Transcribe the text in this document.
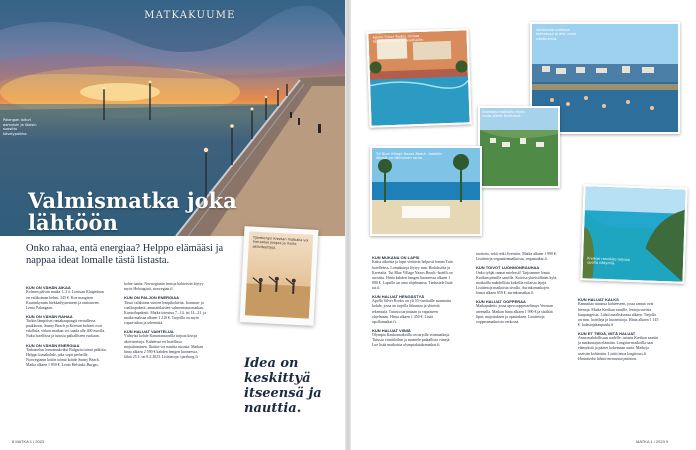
MATKAKUUME
Palangan laituri aamuisin ja iltaisin suosittu kävelypaikka.
Valmismatka joka lähtöön
Onko rahaa, entä energiaa? Helppo elämääsi ja nappaa ideat lomalle tästä listasta.
KUN ON VÄHÄN AIKAA

Kolmen päivän matka 1–3 ö. Liettuan Klaipedaan on valikoiman helmi, 345 €. Koe maagisen Kuurinkynnäs hiekkadyyneineen ja rantoineen. Lento Palangaan.

KUN ON VÄHÄN RAHAA

Turkin lämpöiset rantakaupungit vertaillessa paukkuvat. Sunny Beach ja Kreetan kohteet ovat edullisia, viikon matkan voi saada alle 400 eurolla. Nuku hotellissa ja tutustu paikalliseen ruokaan.

KUN ON VÄHÄN ENERGIAA

Tarkastelun lomamatkoiksi Bulgaria toimii palkittu. Helppo lomakohde, joka sopii perheille. Norwegianin kotiin toimii kohde Sunny Beach. Matka alkaen 1 850 €. Lento Helsinki–Burgas.

kohte tuntia. Norwegianin lentoja kohteisiin löytyy myös Helsingistä, norwegian.fi.

KUN ON PALJON ENERGIAA

Tässä valikoima vuoren lempikohteita. Ironman- ja vaelluspaketit, ammattilaisten valmentama matkan, Kuntoilupaketti. Matka toteutuu 7.–14. tai 14.–21. ja matka maksaa alkaen 1 210 €. Tarjoilla on myös vapaa-aikaa ja tekemistä.

KUN HALUAT VAIHTELUA

Viihtyisä kohde Kanariansaarilla tarjoaa kivoja aktiviteetteja. Kahdessa eri hotellissa majoittuminen. Iltaisin voi nauttia ruoasta. Matkan hinta alkaen 2 590 € kahden hengen huoneessa, lähtö 25.1. tai 8.2.2023. Lisätietoja: tjareborg.fi

Tjäreborgin Kreetan matkalla voi harrastaa joogaa ja muita aktiviteetteja.
Idea on keskittyä itseensä ja nauttia.
8 MATKA 1 / 2023
Valokuvaa uudessa kohteessa ja etsi uusia näkökulmia.
Apollo Silver Rodos -lomaa täysihoidolla yli 55-vuotiaille.
Stairway-matkoilla myös ranta-lomat Kreikassa.
Tui Blue Village Naxos Beach -hotellin lähellä on Välimeren ranta.
Kreikan rannikko tarjoaa upeita näkymiä.
KUN MUKANA ON LAPSI

Kaksi aikuista ja lapsi viettävät helposti loman Tuin hotelleissa. Lomakoteja löytyy mm. Rodokselta ja Kreetalta. Tui Blue Village Naxos Beach -hotelli on suosittu. Hinta kahden hengen huoneessa alkaen 1 080 €. Lapsille on oma ohjelmansa. Tiedustele lisää tui.fi.

KUN HALUAT HENGÄSTYÄ

Apollo Silver Rodos on yli 55-vuotiaille suunnattu kohde, jossa on tarjolla liikuntaa ja yhteistä tekemistä. Tutustu tarjontaan ja vapaaseen ohjelmaan. Hinta alkaen 1 450 €. Lisää apollomatkat.fi.

KUN HALUAT VIINIÄ

Olympia Kaukomatkoilla on tarjolla viinimatkoja. Tutustu viinitiloihin ja maistele paikallisia viinejä. Lue lisää matkoista olympiakaukomatkat.fi.

tuotteita, sekä retki Sveitsiin. Matka alkaen 1 990 €. Lisätietoja vegaaniinmatkoista, vegamatkat.fi.

KUN TOIVOT LUONNONRAUHAA

Onko tyhjät rannat mielessä? Tarjoamme lomia Kreikan pienille saarille. Kotoisa yhteisöllinen kylä, matkoilla mahdollista kokeilla erilaisia lajeja. Lisätietoja matkoista sivulla. Aurinkomatkojen lomat alkaen 659 €. aurinkomatkat.fi

KUN HALUAT OOPPERAA

Matkapaketti, jossa upea oopperaelämys Veronan areenalla. Matkan hinta alkaen 1 990 € ja sisältää liput, majoituksen ja opastuksen. Lisätietoja oopperamatkoista verkossa.

KUN HALUAT KALKS

Kannattaa tutustua kohteeseen, jossa rannat ovat hienoja. Matka Kreikan saarille, lentoja useista kaupungeista. Lähtö maaliskuusta alkaen. Tarjolla on mm. hotelleja ja huoneistoja. Hinta alkaen 1 145 €. kalastajakaupunki.fi

KUN ET TIEDÄ, MITÄ HALUAT

Anna mahdollisuus uudelle: tutustu Kreikan saariin ja matkustajan elämään. Longitur-matkoilla saat elämyksiä ja pääset kokemaan uutta. Matkoja useisiin kohteisiin. Lisää tietoa longitours.fi

Hintatiedot lähteä mennessä painoon.

MATKA 1 / 2023 9
